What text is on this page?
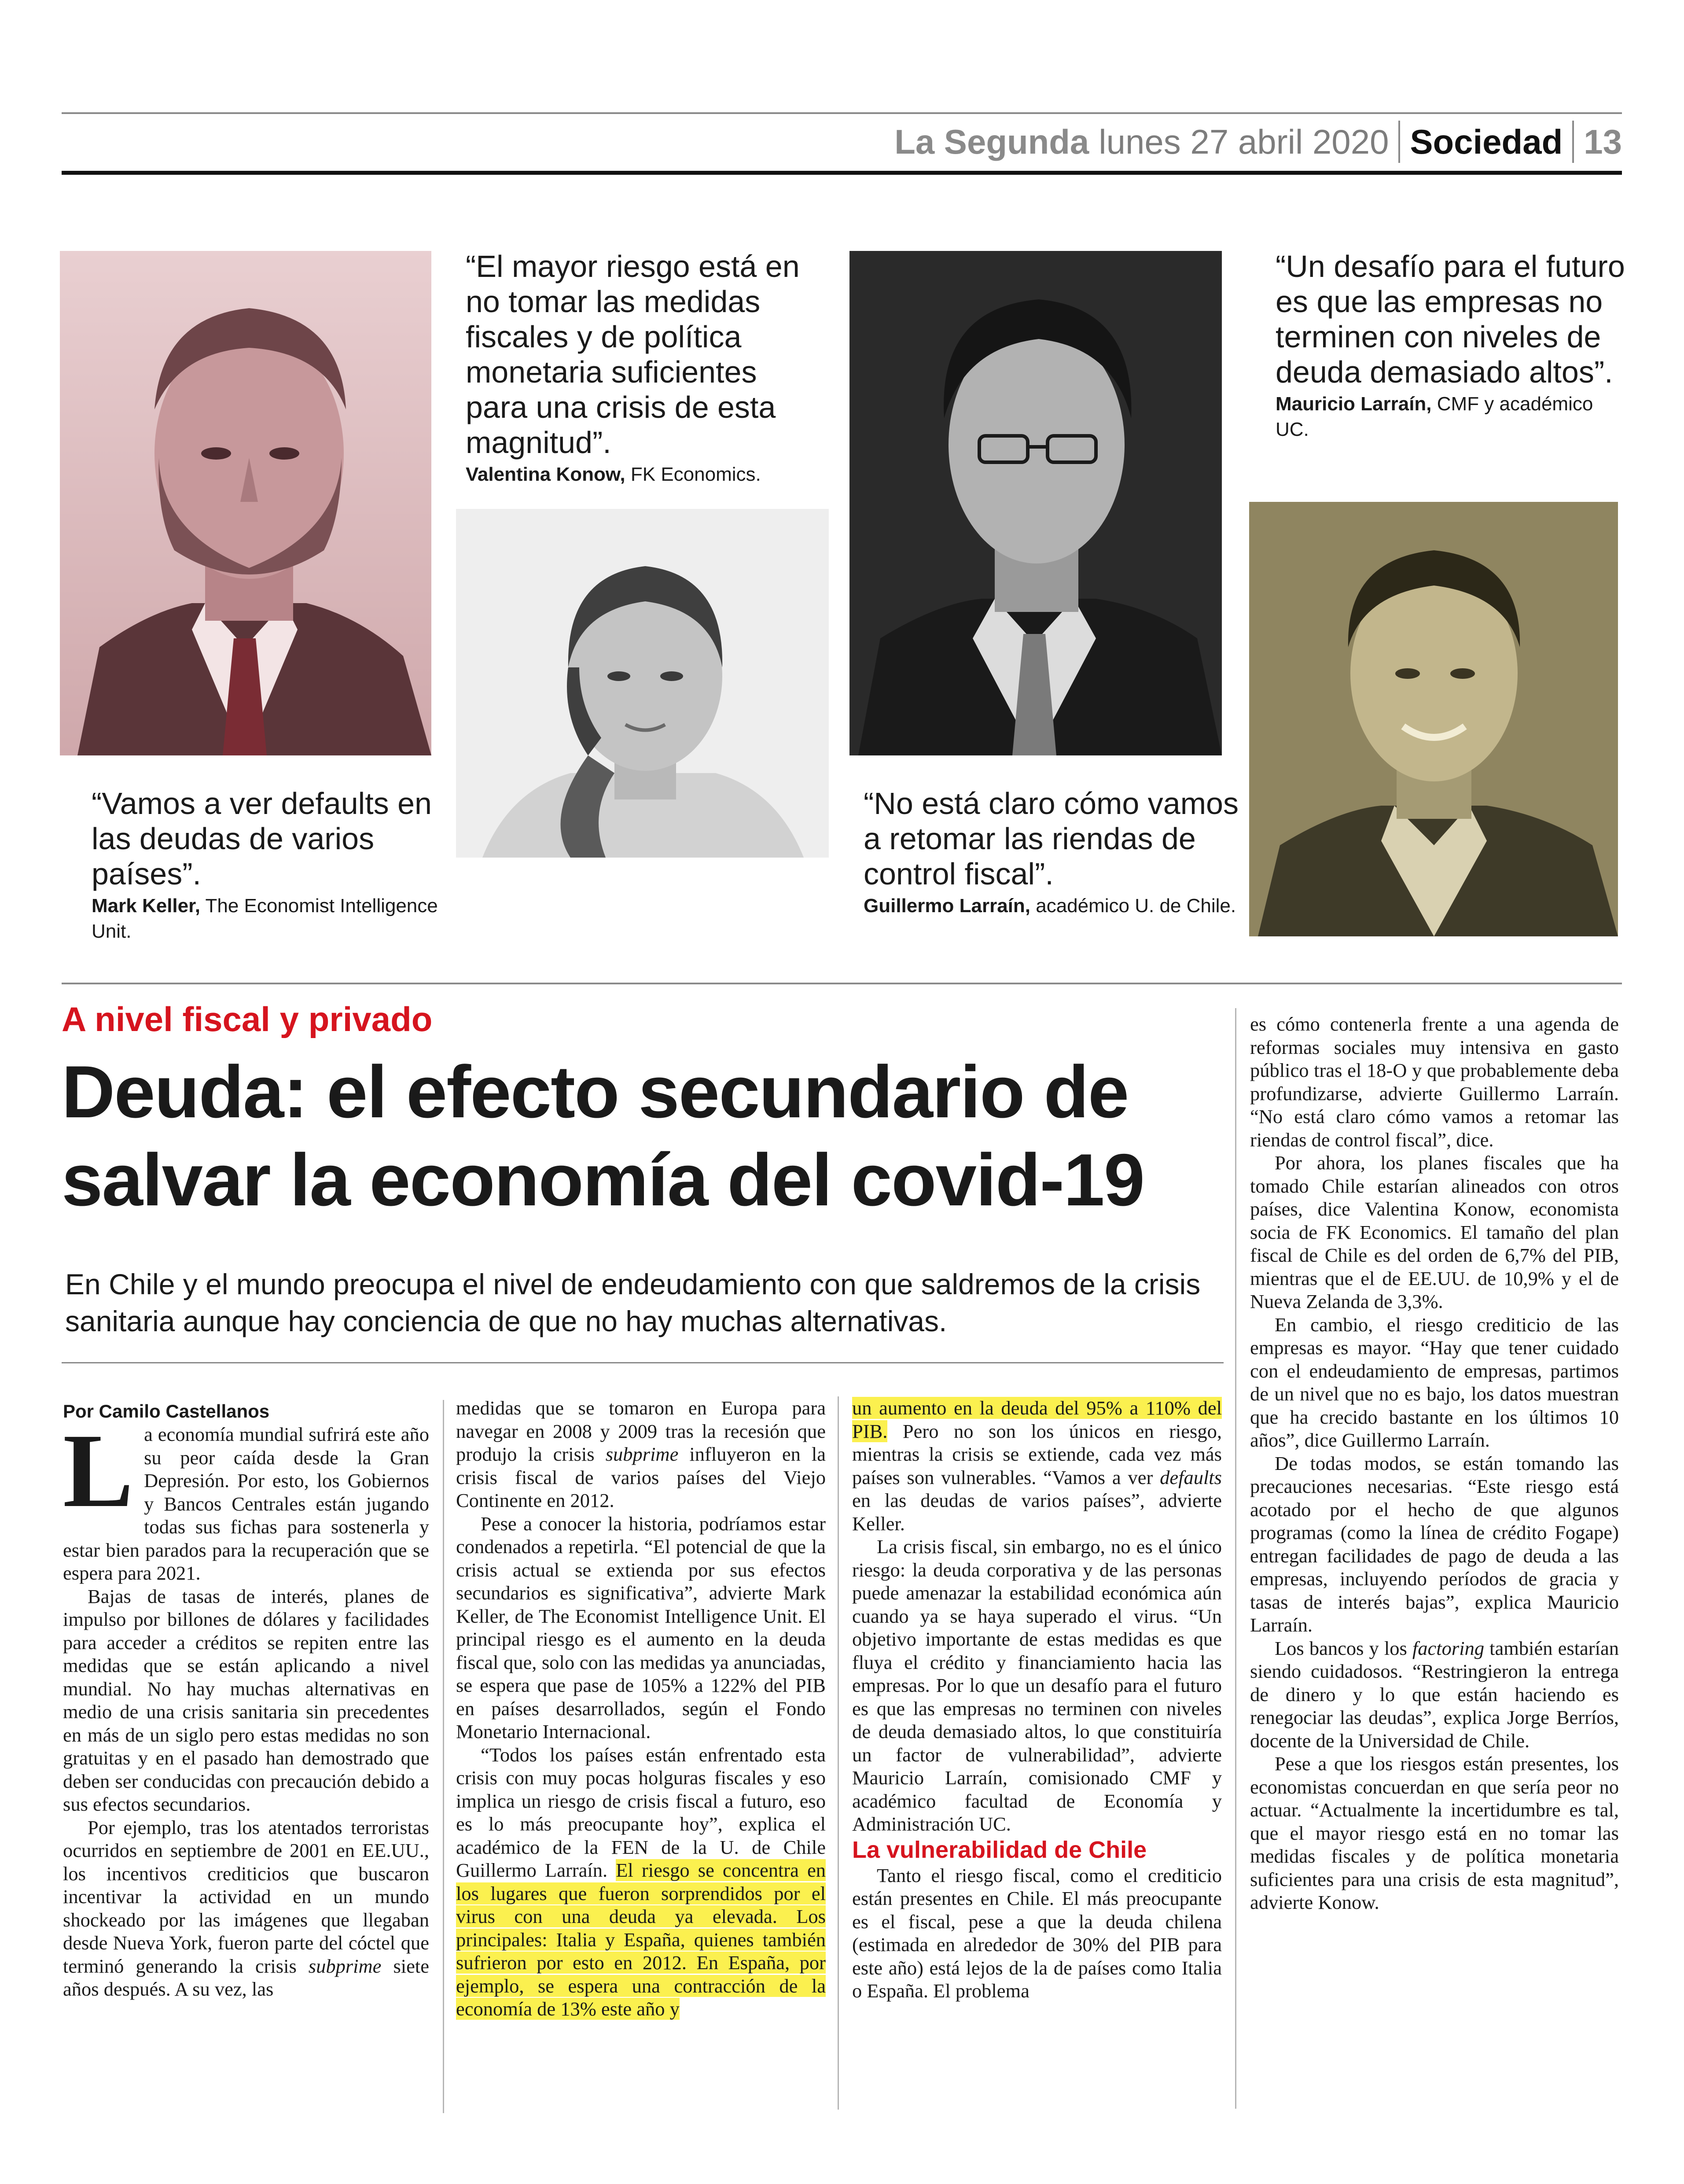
La Segunda lunes 27 abril 2020 Sociedad 13

“Vamos a ver defaults en las deudas de varios países”.

Mark Keller, The Economist Intelligence Unit.

“El mayor riesgo está en no tomar las medidas fiscales y de política monetaria suficientes para una crisis de esta magnitud”.

Valentina Konow, FK Economics.

“No está claro cómo vamos a retomar las riendas de control fiscal”.

Guillermo Larraín, académico U. de Chile.

“Un desafío para el futuro es que las empresas no terminen con niveles de deuda demasiado altos”.

Mauricio Larraín, CMF y académico UC.

A nivel fiscal y privado
Deuda: el efecto secundario de salvar la economía del covid-19

En Chile y el mundo preocupa el nivel de endeudamiento con que saldremos de la crisis sanitaria aunque hay conciencia de que no hay muchas alternativas.

Por Camilo Castellanos

La economía mundial sufrirá este año su peor caída desde la Gran Depresión. Por esto, los Gobiernos y Bancos Centrales están jugando todas sus fichas para sostenerla y estar bien parados para la recuperación que se espera para 2021.

Bajas de tasas de interés, planes de impulso por billones de dólares y facilidades para acceder a créditos se repiten entre las medidas que se están aplicando a nivel mundial. No hay muchas alternativas en medio de una crisis sanitaria sin precedentes en más de un siglo pero estas medidas no son gratuitas y en el pasado han demostrado que deben ser conducidas con precaución debido a sus efectos secundarios.

Por ejemplo, tras los atentados terroristas ocurridos en septiembre de 2001 en EE.UU., los incentivos crediticios que buscaron incentivar la actividad en un mundo shockeado por las imágenes que llegaban desde Nueva York, fueron parte del cóctel que terminó generando la crisis subprime siete años después. A su vez, las

medidas que se tomaron en Europa para navegar en 2008 y 2009 tras la recesión que produjo la crisis subprime influyeron en la crisis fiscal de varios países del Viejo Continente en 2012.

Pese a conocer la historia, podríamos estar condenados a repetirla. “El potencial de que la crisis actual se extienda por sus efectos secundarios es significativa”, advierte Mark Keller, de The Economist Intelligence Unit. El principal riesgo es el aumento en la deuda fiscal que, solo con las medidas ya anunciadas, se espera que pase de 105% a 122% del PIB en países desarrollados, según el Fondo Monetario Internacional.

“Todos los países están enfrentado esta crisis con muy pocas holguras fiscales y eso implica un riesgo de crisis fiscal a futuro, eso es lo más preocupante hoy”, explica el académico de la FEN de la U. de Chile Guillermo Larraín. El riesgo se concentra en los lugares que fueron sorprendidos por el virus con una deuda ya elevada. Los principales: Italia y España, quienes también sufrieron por esto en 2012. En España, por ejemplo, se espera una contracción de la economía de 13% este año y

un aumento en la deuda del 95% a 110% del PIB. Pero no son los únicos en riesgo, mientras la crisis se extiende, cada vez más países son vulnerables. “Vamos a ver defaults en las deudas de varios países”, advierte Keller.

La crisis fiscal, sin embargo, no es el único riesgo: la deuda corporativa y de las personas puede amenazar la estabilidad económica aún cuando ya se haya superado el virus. “Un objetivo importante de estas medidas es que fluya el crédito y financiamiento hacia las empresas. Por lo que un desafío para el futuro es que las empresas no terminen con niveles de deuda demasiado altos, lo que constituiría un factor de vulnerabilidad”, advierte Mauricio Larraín, comisionado CMF y académico facultad de Economía y Administración UC.

La vulnerabilidad de Chile

Tanto el riesgo fiscal, como el crediticio están presentes en Chile. El más preocupante es el fiscal, pese a que la deuda chilena (estimada en alrededor de 30% del PIB para este año) está lejos de la de países como Italia o España. El problema

es cómo contenerla frente a una agenda de reformas sociales muy intensiva en gasto público tras el 18-O y que probablemente deba profundizarse, advierte Guillermo Larraín. “No está claro cómo vamos a retomar las riendas de control fiscal”, dice.

Por ahora, los planes fiscales que ha tomado Chile estarían alineados con otros países, dice Valentina Konow, economista socia de FK Economics. El tamaño del plan fiscal de Chile es del orden de 6,7% del PIB, mientras que el de EE.UU. de 10,9% y el de Nueva Zelanda de 3,3%.

En cambio, el riesgo crediticio de las empresas es mayor. “Hay que tener cuidado con el endeudamiento de empresas, partimos de un nivel que no es bajo, los datos muestran que ha crecido bastante en los últimos 10 años”, dice Guillermo Larraín.

De todas modos, se están tomando las precauciones necesarias. “Este riesgo está acotado por el hecho de que algunos programas (como la línea de crédito Fogape) entregan facilidades de pago de deuda a las empresas, incluyendo períodos de gracia y tasas de interés bajas”, explica Mauricio Larraín.

Los bancos y los factoring también estarían siendo cuidadosos. “Restringieron la entrega de dinero y lo que están haciendo es renegociar las deudas”, explica Jorge Berríos, docente de la Universidad de Chile.

Pese a que los riesgos están presentes, los economistas concuerdan en que sería peor no actuar. “Actualmente la incertidumbre es tal, que el mayor riesgo está en no tomar las medidas fiscales y de política monetaria suficientes para una crisis de esta magnitud”, advierte Konow.
